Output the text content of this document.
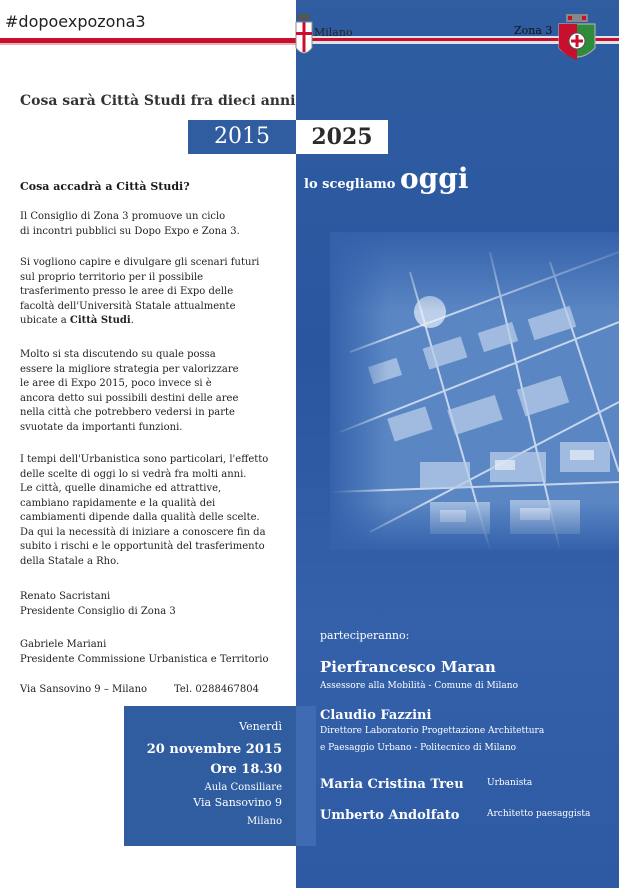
#dopoexpozona3
Milano	Zona 3
Cosa sarà Città Studi fra dieci anni
2015	2025
lo scegliamo oggi
Cosa accadrà a Città Studi?
Il Consiglio di Zona 3 promuove un ciclo
di incontri pubblici su Dopo Expo e Zona 3.
Si vogliono capire e divulgare gli scenari futuri
sul proprio territorio per il possibile
trasferimento presso le aree di Expo delle
facoltà dell'Università Statale attualmente
ubicate a Città Studi.
Molto si sta discutendo su quale possa
essere la migliore strategia per valorizzare
le aree di Expo 2015, poco invece si è
ancora detto sui possibili destini delle aree
nella città che potrebbero vedersi in parte
svuotate da importanti funzioni.
I tempi dell'Urbanistica sono particolari, l'effetto
delle scelte di oggi lo si vedrà fra molti anni.
Le città, quelle dinamiche ed attrattive,
cambiano rapidamente e la qualità dei
cambiamenti dipende dalla qualità delle scelte.
Da qui la necessità di iniziare a conoscere fin da
subito i rischi e le opportunità del trasferimento
della Statale a Rho.
Renato Sacristani
Presidente Consiglio di Zona 3
Gabriele Mariani
Presidente Commissione Urbanistica e Territorio
Via Sansovino 9 – Milano	Tel. 0288467804
Venerdì
20 novembre 2015
Ore 18.30
Aula Consiliare
Via Sansovino 9
Milano
parteciperanno:
Pierfrancesco Maran
Assessore alla Mobilità - Comune di Milano
Claudio Fazzini
Direttore Laboratorio Progettazione Architettura
e Paesaggio Urbano - Politecnico di Milano
Maria Cristina Treu	Urbanista
Umberto Andolfato	Architetto paesaggista
